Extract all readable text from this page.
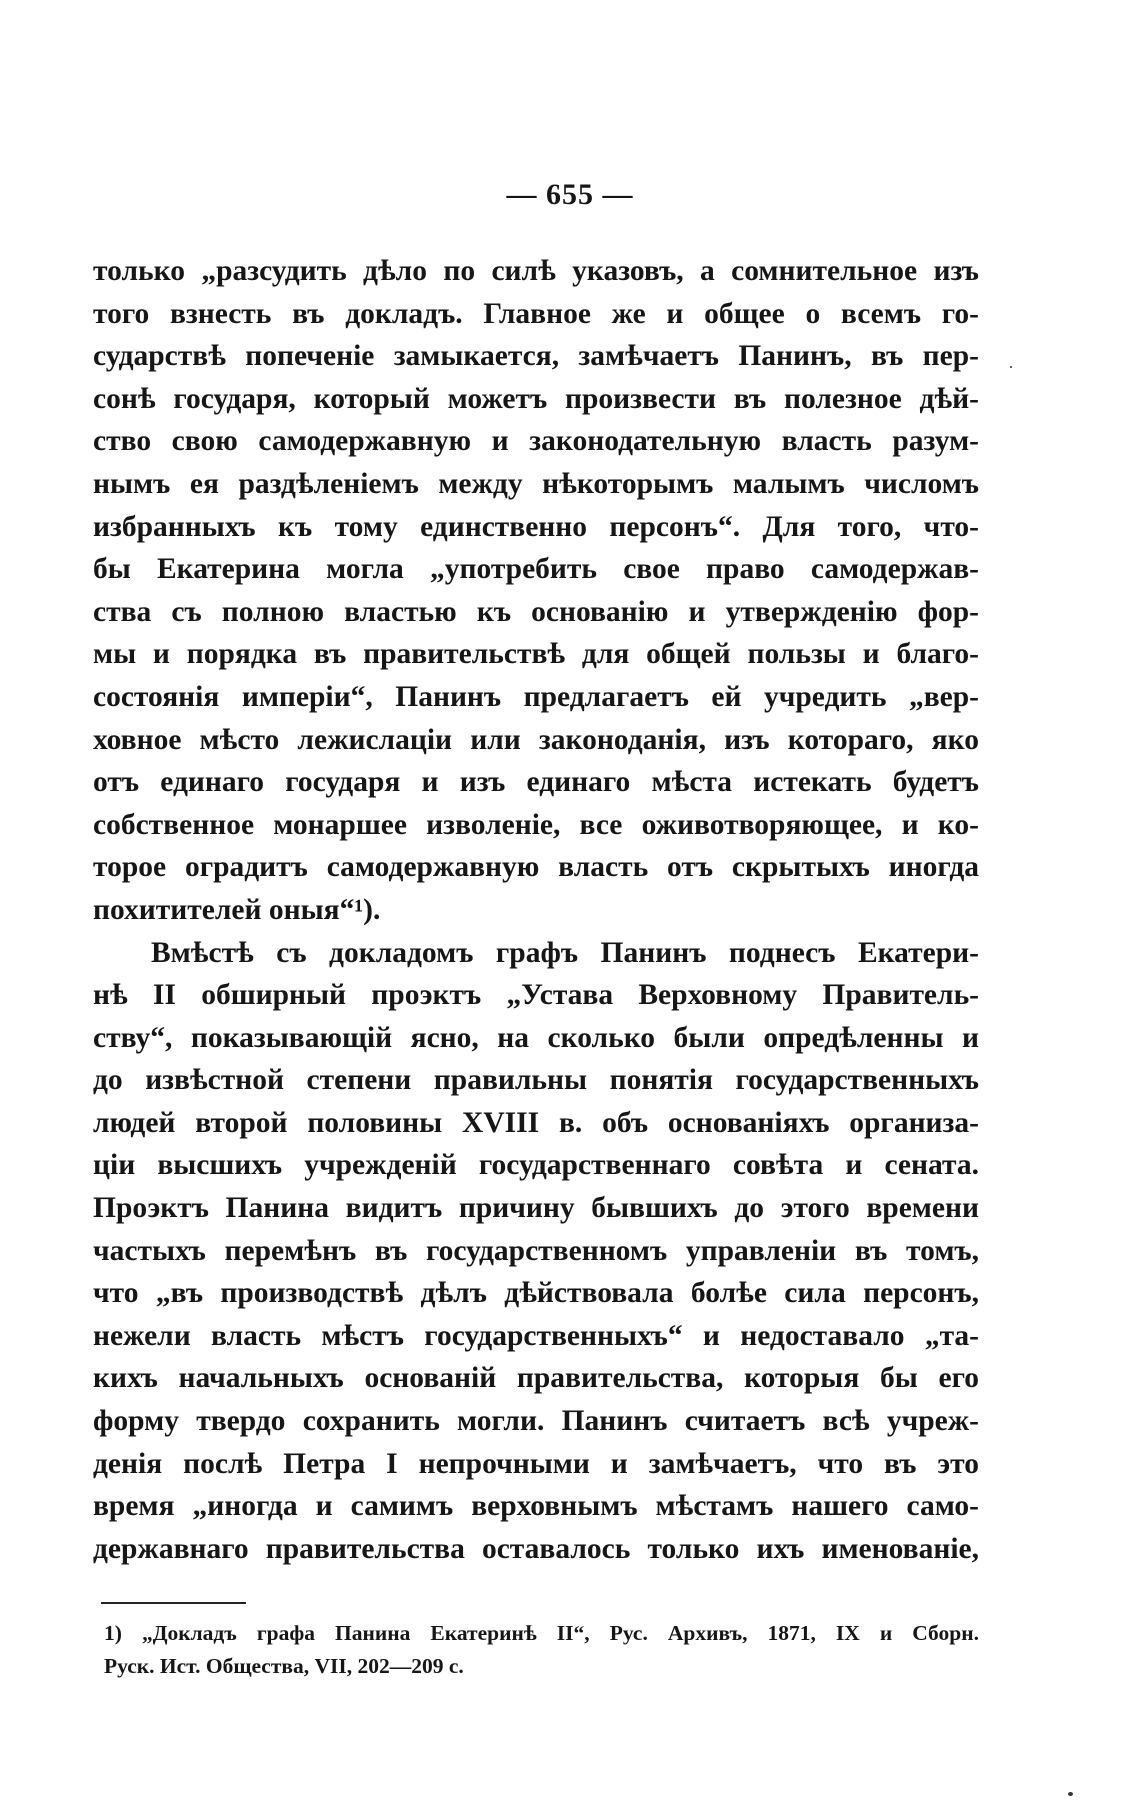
— 655 —
только „разсудить дѣло по силѣ указовъ, а сомнительное изъ
того взнесть въ докладъ. Главное же и общее о всемъ го-
сударствѣ попеченіе замыкается, замѣчаетъ Панинъ, въ пер-
сонѣ государя, который можетъ произвести въ полезное дѣй-
ство свою самодержавную и законодательную власть разум-
нымъ ея раздѣленіемъ между нѣкоторымъ малымъ числомъ
избранныхъ къ тому единственно персонъ“. Для того, что-
бы Екатерина могла „употребить свое право самодержав-
ства съ полною властью къ основанію и утвержденію фор-
мы и порядка въ правительствѣ для общей пользы и благо-
состоянія имперіи“, Панинъ предлагаетъ ей учредить „вер-
ховное мѣсто лежислаціи или законоданія, изъ котораго, яко
отъ единаго государя и изъ единаго мѣста истекать будетъ
собственное монаршее изволеніе, все оживотворяющее, и ко-
торое оградитъ самодержавную власть отъ скрытыхъ иногда
похитителей оныя“¹).
Вмѣстѣ съ докладомъ графъ Панинъ поднесъ Екатери-
нѣ II обширный проэктъ „Устава Верховному Правитель-
ству“, показывающій ясно, на сколько были опредѣленны и
до извѣстной степени правильны понятія государственныхъ
людей второй половины XVIII в. объ основаніяхъ организа-
ціи высшихъ учрежденій государственнаго совѣта и сената.
Проэктъ Панина видитъ причину бывшихъ до этого времени
частыхъ перемѣнъ въ государственномъ управленіи въ томъ,
что „въ производствѣ дѣлъ дѣйствовала болѣе сила персонъ,
нежели власть мѣстъ государственныхъ“ и недоставало „та-
кихъ начальныхъ основаній правительства, которыя бы его
форму твердо сохранить могли. Панинъ считаетъ всѣ учреж-
денія послѣ Петра I непрочными и замѣчаетъ, что въ это
время „иногда и самимъ верховнымъ мѣстамъ нашего само-
державнаго правительства оставалось только ихъ именованіе,
1) „Докладъ графа Панина Екатеринѣ II“, Рус. Архивъ, 1871, IX и Сборн.
Руск. Ист. Общества, VII, 202—209 с.
